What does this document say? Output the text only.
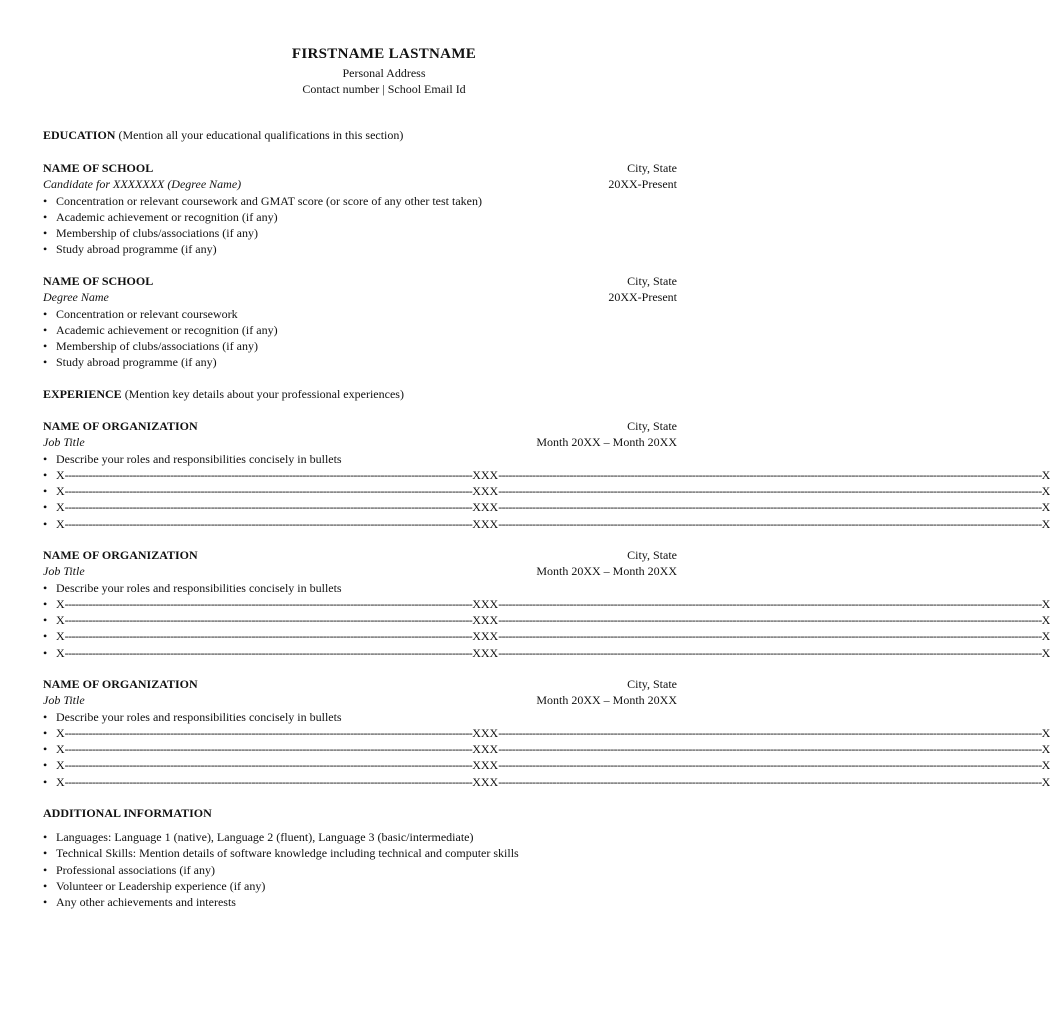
FIRSTNAME LASTNAME
Personal Address
Contact number | School Email Id
EDUCATION (Mention all your educational qualifications in this section)
NAME OF SCHOOL	City, State
Candidate for XXXXXXX (Degree Name)	20XX-Present
• Concentration or relevant coursework and GMAT score (or score of any other test taken)
• Academic achievement or recognition (if any)
• Membership of clubs/associations (if any)
• Study abroad programme (if any)
NAME OF SCHOOL	City, State
Degree Name	20XX-Present
• Concentration or relevant coursework
• Academic achievement or recognition (if any)
• Membership of clubs/associations (if any)
• Study abroad programme (if any)
EXPERIENCE (Mention key details about your professional experiences)
NAME OF ORGANIZATION	City, State
Job Title	Month 20XX – Month 20XX
• Describe your roles and responsibilities concisely in bullets
• X ------------------------------------------------------------------------------------------------------------------------ XXX ---------------------------------------------------------------------------------------------------------------------------------------------------------------- X
• X ------------------------------------------------------------------------------------------------------------------------ XXX ---------------------------------------------------------------------------------------------------------------------------------------------------------------- X
• X ------------------------------------------------------------------------------------------------------------------------ XXX ---------------------------------------------------------------------------------------------------------------------------------------------------------------- X
• X ------------------------------------------------------------------------------------------------------------------------ XXX ---------------------------------------------------------------------------------------------------------------------------------------------------------------- X
NAME OF ORGANIZATION	City, State
Job Title	Month 20XX – Month 20XX
• Describe your roles and responsibilities concisely in bullets
• X ------------------------------------------------------------------------------------------------------------------------ XXX ---------------------------------------------------------------------------------------------------------------------------------------------------------------- X
• X ------------------------------------------------------------------------------------------------------------------------ XXX ---------------------------------------------------------------------------------------------------------------------------------------------------------------- X
• X ------------------------------------------------------------------------------------------------------------------------ XXX ---------------------------------------------------------------------------------------------------------------------------------------------------------------- X
• X ------------------------------------------------------------------------------------------------------------------------ XXX ---------------------------------------------------------------------------------------------------------------------------------------------------------------- X
NAME OF ORGANIZATION	City, State
Job Title	Month 20XX – Month 20XX
• Describe your roles and responsibilities concisely in bullets
• X ------------------------------------------------------------------------------------------------------------------------ XXX ---------------------------------------------------------------------------------------------------------------------------------------------------------------- X
• X ------------------------------------------------------------------------------------------------------------------------ XXX ---------------------------------------------------------------------------------------------------------------------------------------------------------------- X
• X ------------------------------------------------------------------------------------------------------------------------ XXX ---------------------------------------------------------------------------------------------------------------------------------------------------------------- X
• X ------------------------------------------------------------------------------------------------------------------------ XXX ---------------------------------------------------------------------------------------------------------------------------------------------------------------- X
ADDITIONAL INFORMATION
• Languages: Language 1 (native), Language 2 (fluent), Language 3 (basic/intermediate)
• Technical Skills: Mention details of software knowledge including technical and computer skills
• Professional associations (if any)
• Volunteer or Leadership experience (if any)
• Any other achievements and interests
